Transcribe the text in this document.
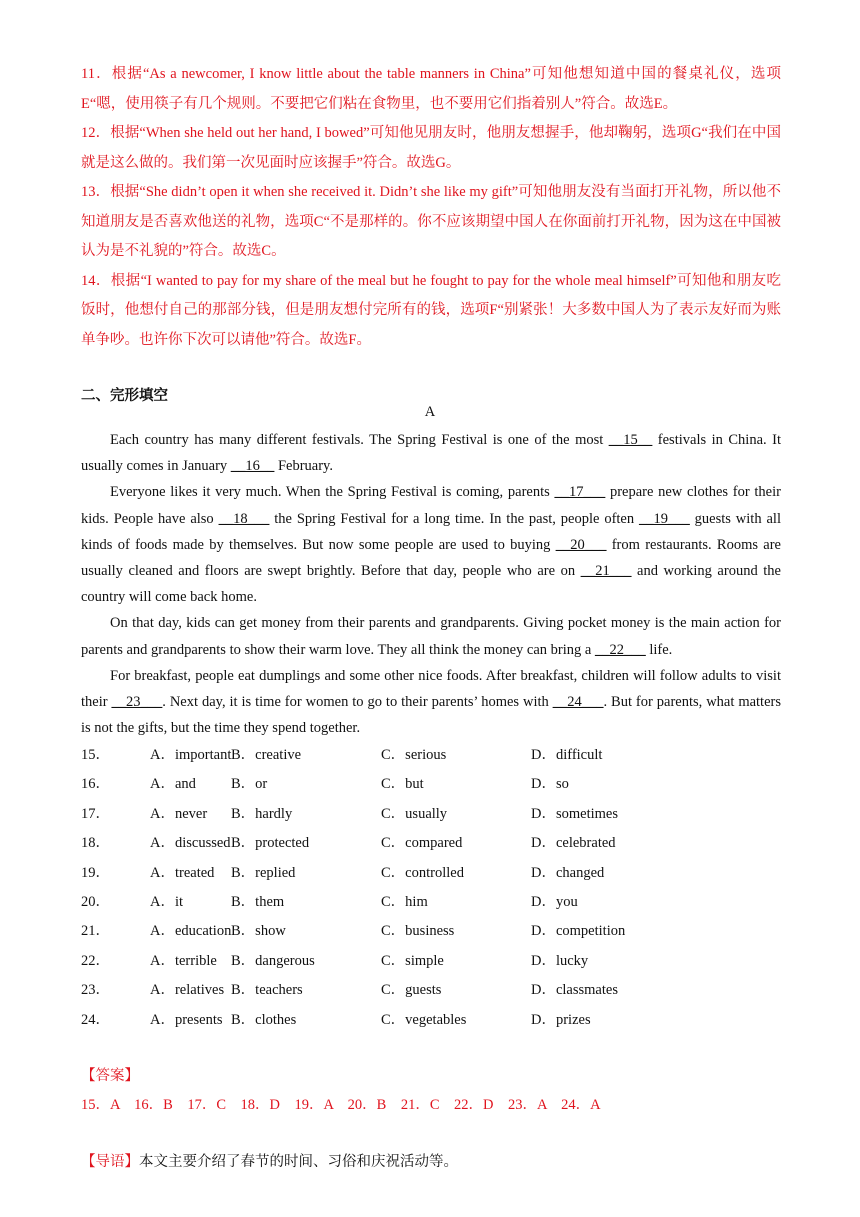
11．根据“As a newcomer, I know little about the table manners in China”可知他想知道中国的餐桌礼仪，选项E“嗯，使用筷子有几个规则。不要把它们粘在食物里，也不要用它们指着别人”符合。故选E。

12．根据“When she held out her hand, I bowed”可知他见朋友时，他朋友想握手，他却鞠躬，选项G“我们在中国就是这么做的。我们第一次见面时应该握手”符合。故选G。

13．根据“She didn’t open it when she received it. Didn’t she like my gift”可知他朋友没有当面打开礼物，所以他不知道朋友是否喜欢他送的礼物，选项C“不是那样的。你不应该期望中国人在你面前打开礼物，因为这在中国被认为是不礼貌的”符合。故选C。

14．根据“I wanted to pay for my share of the meal but he fought to pay for the whole meal himself”可知他和朋友吃饭时，他想付自己的那部分钱，但是朋友想付完所有的钱，选项F“别紧张！大多数中国人为了表示友好而为账单争吵。也许你下次可以请他”符合。故选F。

二、完形填空
A

Each country has many different festivals. The Spring Festival is one of the most __15__ festivals in China. It usually comes in January __16__ February.

Everyone likes it very much. When the Spring Festival is coming, parents __17___ prepare new clothes for their kids. People have also __18___ the Spring Festival for a long time. In the past, people often __19___ guests with all kinds of foods made by themselves. But now some people are used to buying __20___ from restaurants. Rooms are usually cleaned and floors are swept brightly. Before that day, people who are on __21___ and working around the country will come back home.

On that day, kids can get money from their parents and grandparents. Giving pocket money is the main action for parents and grandparents to show their warm love. They all think the money can bring a __22___ life.

For breakfast, people eat dumplings and some other nice foods. After breakfast, children will follow adults to visit their __23___. Next day, it is time for women to go to their parents’ homes with __24___. But for parents, what matters is not the gifts, but the time they spend together.

15．	A．important B．creative	C．serious	D．difficult
16．	A．and B．or	C．but	D．so
17．	A．never B．hardly	C．usually	D．sometimes
18．	A．discussed B．protected	C．compared	D．celebrated
19．	A．treated B．replied	C．controlled	D．changed
20．	A．it	B．them	C．him	D．you
21．	A．education B．show	C．business	D．competition
22．	A．terrible B．dangerous	C．simple	D．lucky
23．	A．relatives B．teachers	C．guests	D．classmates
24．	A．presents B．clothes	C．vegetables	D．prizes
【答案】
15．A　16．B　17．C　18．D　19．A　20．B　21．C　22．D　23．A　24．A
【导语】本文主要介绍了春节的时间、习俗和庆祝活动等。
